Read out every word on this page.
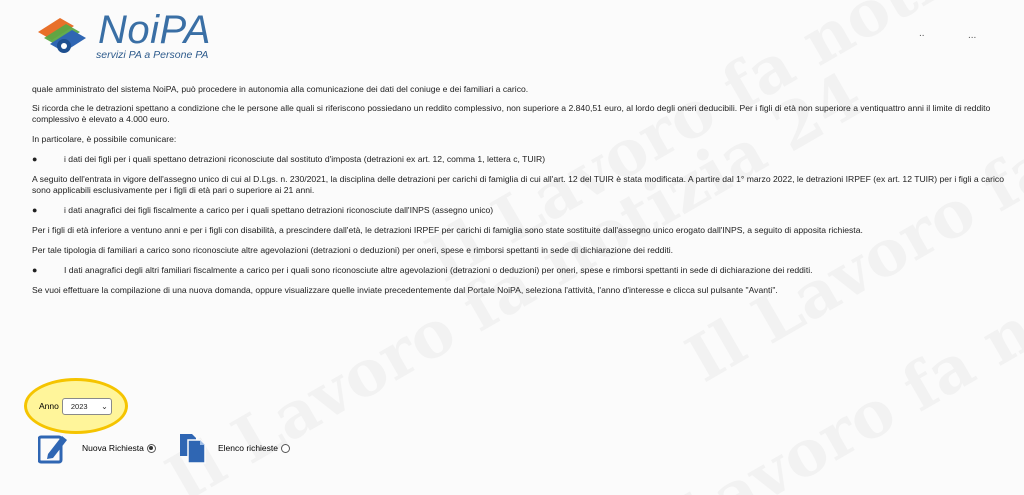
NoiPA
servizi PA a Persone PA
..	...

quale amministrato del sistema NoiPA, può procedere in autonomia alla comunicazione dei dati del coniuge e dei familiari a carico.

Si ricorda che le detrazioni spettano a condizione che le persone alle quali si riferiscono possiedano un reddito complessivo, non superiore a 2.840,51 euro, al lordo degli oneri deducibili. Per i figli di età non superiore a ventiquattro anni il limite di reddito complessivo è elevato a 4.000 euro.

In particolare, è possibile comunicare:

●	i dati dei figli per i quali spettano detrazioni riconosciute dal sostituto d'imposta (detrazioni ex art. 12, comma 1, lettera c, TUIR)

A seguito dell'entrata in vigore dell'assegno unico di cui al D.Lgs. n. 230/2021, la disciplina delle detrazioni per carichi di famiglia di cui all'art. 12 del TUIR è stata modificata. A partire dal 1° marzo 2022, le detrazioni IRPEF (ex art. 12 TUIR) per i figli a carico sono applicabili esclusivamente per i figli di età pari o superiore ai 21 anni.

●	i dati anagrafici dei figli fiscalmente a carico per i quali spettano detrazioni riconosciute dall'INPS (assegno unico)

Per i figli di età inferiore a ventuno anni e per i figli con disabilità, a prescindere dall'età, le detrazioni IRPEF per carichi di famiglia sono state sostituite dall'assegno unico erogato dall'INPS, a seguito di apposita richiesta.

Per tale tipologia di familiari a carico sono riconosciute altre agevolazioni (detrazioni o deduzioni) per oneri, spese e rimborsi spettanti in sede di dichiarazione dei redditi.

●	I dati anagrafici degli altri familiari fiscalmente a carico per i quali sono riconosciute altre agevolazioni (detrazioni o deduzioni) per oneri, spese e rimborsi spettanti in sede di dichiarazione dei redditi.

Se vuoi effettuare la compilazione di una nuova domanda, oppure visualizzare quelle inviate precedentemente dal Portale NoiPA, seleziona l'attività, l'anno d'interesse e clicca sul pulsante "Avanti".

Anno 2023 ⌄
Nuova Richiesta	Elenco richieste
